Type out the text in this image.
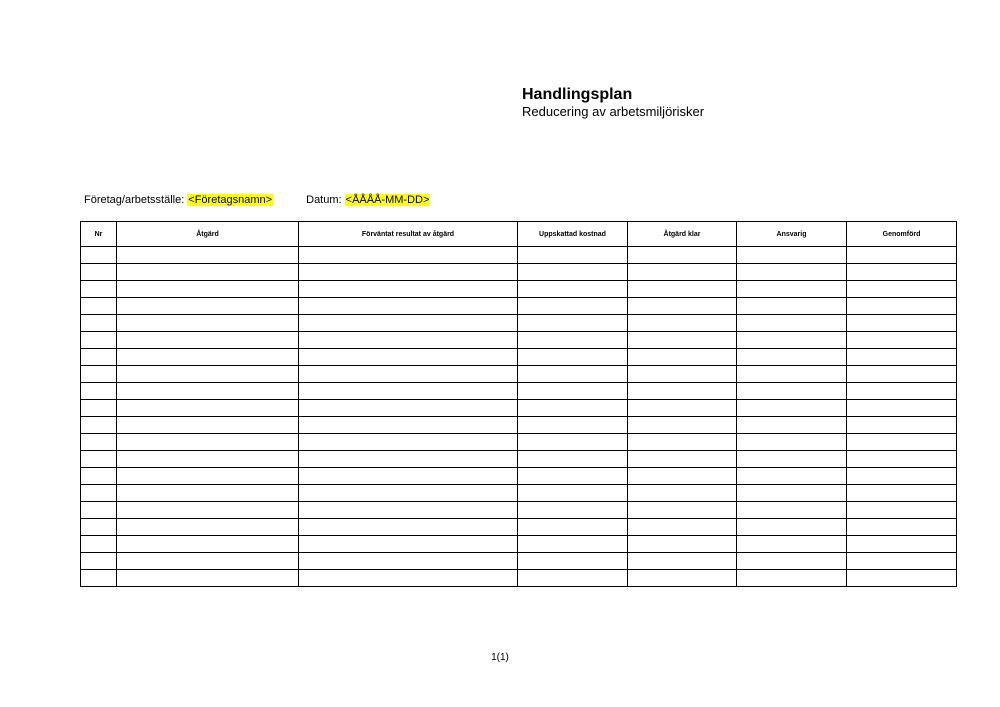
Handlingsplan
Reducering av arbetsmiljörisker
Företag/arbetsställe: <Företagsnamn>	Datum: <ÅÅÅÅ-MM-DD>
Nr	Åtgärd	Förväntat resultat av åtgärd	Uppskattad kostnad	Åtgärd klar	Ansvarig	Genomförd

1(1)
